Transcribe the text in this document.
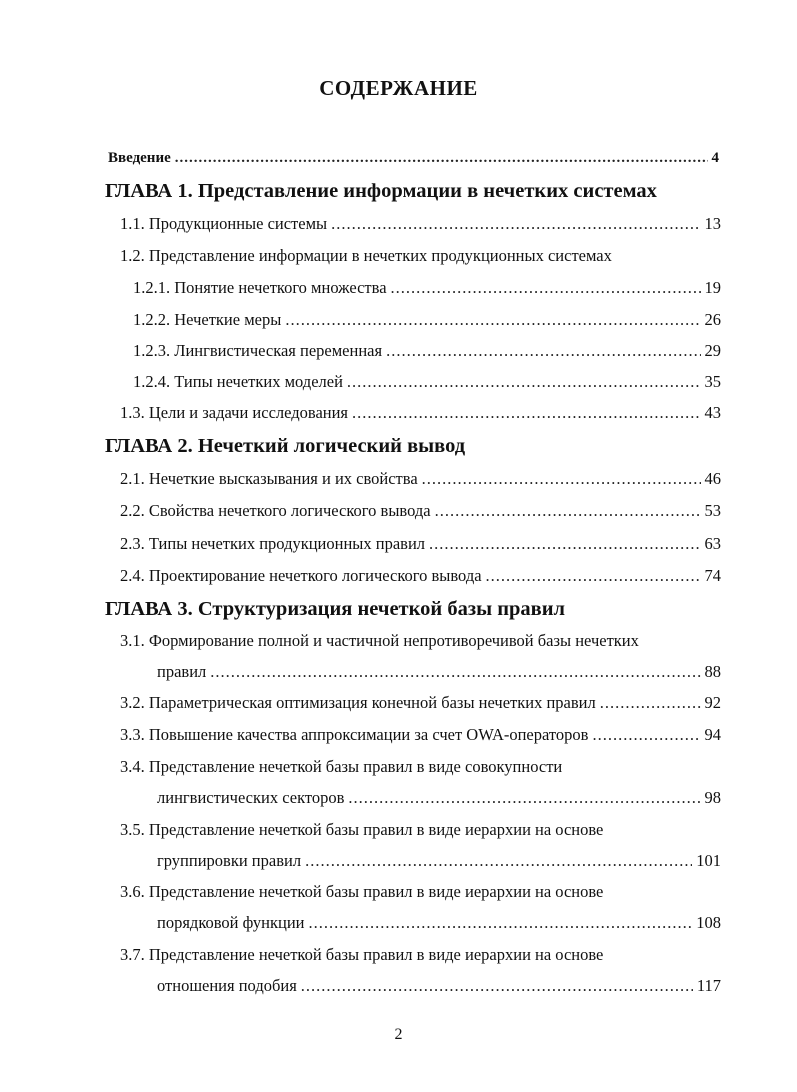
СОДЕРЖАНИЕ
Введение .....	4
ГЛАВА 1. Представление информации в нечетких системах
1.1. Продукционные системы .....	13
1.2. Представление информации в нечетких продукционных системах
1.2.1. Понятие нечеткого множества .....	19
1.2.2. Нечеткие меры .....	26
1.2.3. Лингвистическая переменная .....	29
1.2.4. Типы нечетких моделей .....	35
1.3. Цели и задачи исследования .....	43
ГЛАВА 2. Нечеткий логический вывод
2.1. Нечеткие высказывания и их свойства .....	46
2.2. Свойства нечеткого логического вывода .....	53
2.3. Типы нечетких продукционных правил .....	63
2.4. Проектирование нечеткого логического вывода .....	74
ГЛАВА 3. Структуризация нечеткой базы правил
3.1. Формирование полной и частичной непротиворечивой базы нечетких
правил .....	88
3.2. Параметрическая оптимизация конечной базы нечетких правил .....	92
3.3. Повышение качества аппроксимации за счет OWA-операторов .....	94
3.4. Представление нечеткой базы правил в виде совокупности
лингвистических секторов .....	98
3.5. Представление нечеткой базы правил в виде иерархии на основе
группировки правил .....	101
3.6. Представление нечеткой базы правил в виде иерархии на основе
порядковой функции .....	108
3.7. Представление нечеткой базы правил в виде иерархии на основе
отношения подобия .....	117
2
